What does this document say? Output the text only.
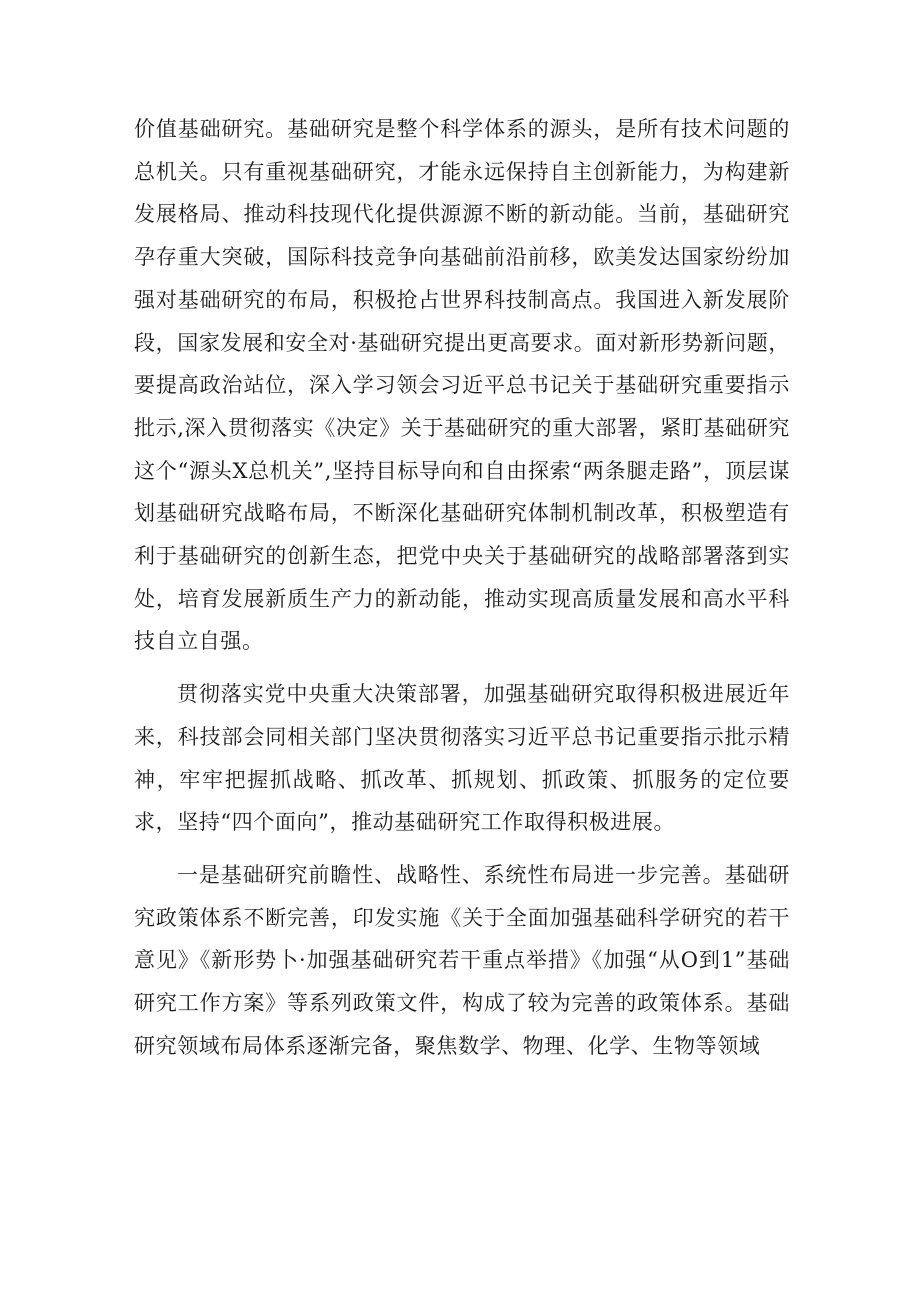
价值基础研究。基础研究是整个科学体系的源头，是所有技术问题的总机关。只有重视基础研究，才能永远保持自主创新能力，为构建新发展格局、推动科技现代化提供源源不断的新动能。当前，基础研究孕存重大突破，国际科技竞争向基础前沿前移，欧美发达国家纷纷加强对基础研究的布局，积极抢占世界科技制高点。我国进入新发展阶段，国家发展和安全对·基础研究提出更高要求。面对新形势新问题，要提高政治站位，深入学习领会习近平总书记关于基础研究重要指示批示,深入贯彻落实《决定》关于基础研究的重大部署，紧盯基础研究这个“源头X总机关”,坚持目标导向和自由探索“两条腿走路”，顶层谋划基础研究战略布局，不断深化基础研究体制机制改革，积极塑造有利于基础研究的创新生态，把党中央关于基础研究的战略部署落到实处，培育发展新质生产力的新动能，推动实现高质量发展和高水平科技自立自强。

贯彻落实党中央重大决策部署，加强基础研究取得积极进展近年来，科技部会同相关部门坚决贯彻落实习近平总书记重要指示批示精神，牢牢把握抓战略、抓改革、抓规划、抓政策、抓服务的定位要求，坚持“四个面向”，推动基础研究工作取得积极进展。

一是基础研究前瞻性、战略性、系统性布局进一步完善。基础研究政策体系不断完善，印发实施《关于全面加强基础科学研究的若干意见》《新形势卜·加强基础研究若干重点举措》《加强“从O到1”基础研究工作方案》等系列政策文件，构成了较为完善的政策体系。基础研究领域布局体系逐渐完备，聚焦数学、物理、化学、生物等领域
